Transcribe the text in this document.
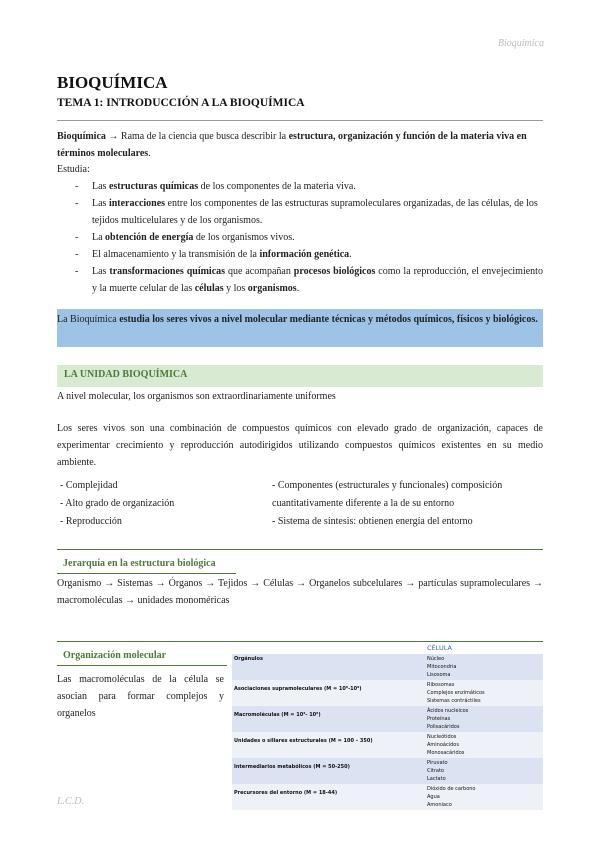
Bioquímica
BIOQUÍMICA
TEMA 1: INTRODUCCIÓN A LA BIOQUÍMICA
Bioquímica → Rama de la ciencia que busca describir la estructura, organización y función de la materia viva en términos moleculares.
Estudia:
- Las estructuras químicas de los componentes de la materia viva.
- Las interacciones entre los componentes de las estructuras supramoleculares organizadas, de las células, de los tejidos multicelulares y de los organismos.
- La obtención de energía de los organismos vivos.
- El almacenamiento y la transmisión de la información genética.
- Las transformaciones químicas que acompañan procesos biológicos como la reproducción, el envejecimiento y la muerte celular de las células y los organismos.
La Bioquímica estudia los seres vivos a nivel molecular mediante técnicas y métodos químicos, físicos y biológicos.
LA UNIDAD BIOQUÍMICA
A nivel molecular, los organismos son extraordinariamente uniformes
Los seres vivos son una combinación de compuestos químicos con elevado grado de organización, capaces de experimentar crecimiento y reproducción autodirigidos utilizando compuestos químicos existentes en su medio ambiente.
- Complejidad
- Alto grado de organización
- Reproducción
- Componentes (estructurales y funcionales) composición cuantitativamente diferente a la de su entorno
- Sistema de síntesis: obtienen energía del entorno
Jerarquía en la estructura biológica
Organismo → Sistemas → Órganos → Tejidos → Células → Organelos subcelulares → partículas supramoleculares → macromoléculas → unidades monoméricas
Organización molecular
Las macromoléculas de la célula se asocian para formar complejos y organelos
	CÉLULA
Orgánulos	Núcleo
Mitocondria
Lisosoma

Asociaciones supramoleculares (M = 10⁶-10⁹)	Ribosomas
Complejos enzimáticos
Sistemas contráctiles

Macromoléculas (M = 10³- 10⁶)	Ácidos nucleicos
Proteínas
Polisacáridos

Unidades o sillares estructurales (M = 100 – 350)	Nucleótidos
Aminoácidos
Monosacáridos

Intermediarios metabólicos (M = 50-250)	Piruvato
Citrato
Lactato

Precursores del entorno (M = 18-44)	Dióxido de carbono
Agua
Amoniaco
L.C.D.
